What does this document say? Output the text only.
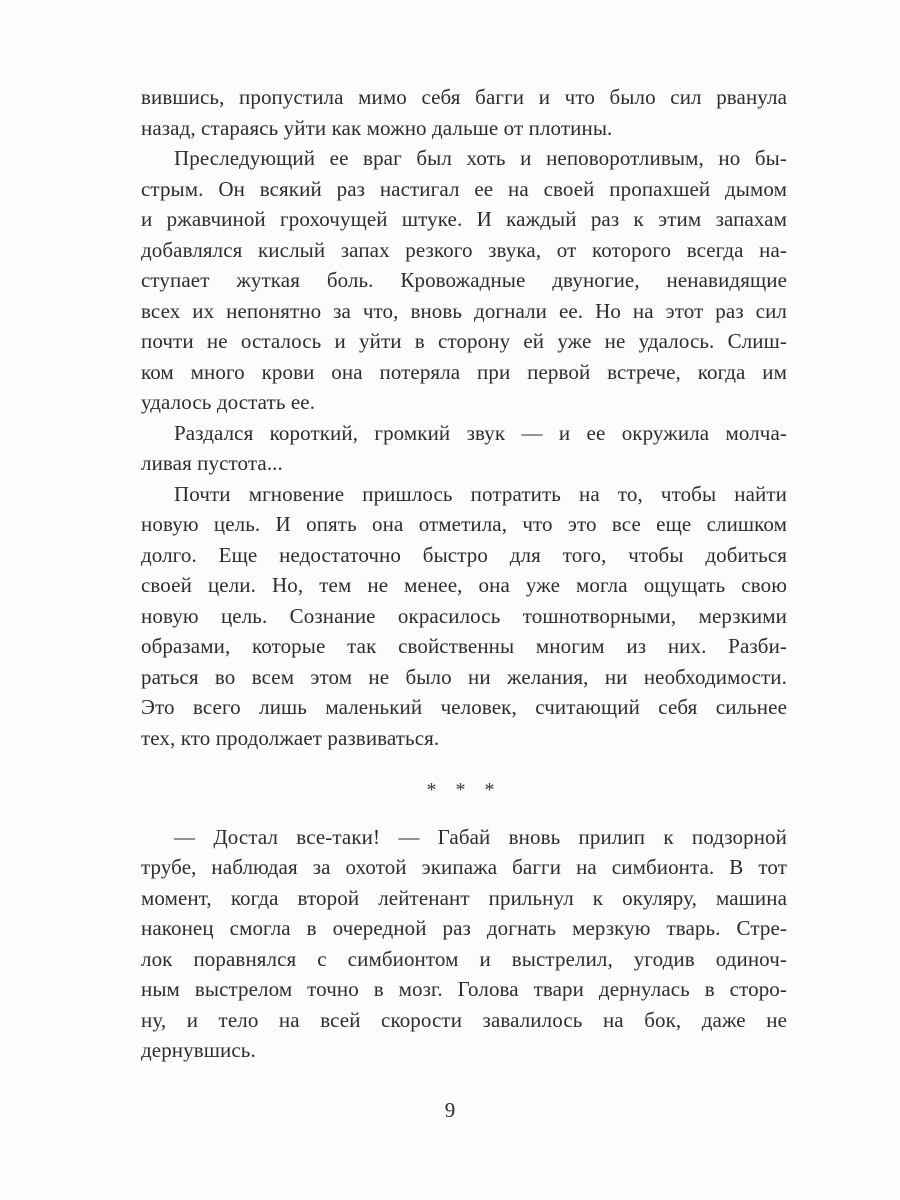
вившись, пропустила мимо себя багги и что было сил рванула
назад, стараясь уйти как можно дальше от плотины.
Преследующий ее враг был хоть и неповоротливым, но бы-
стрым. Он всякий раз настигал ее на своей пропахшей дымом
и ржавчиной грохочущей штуке. И каждый раз к этим запахам
добавлялся кислый запах резкого звука, от которого всегда на-
ступает жуткая боль. Кровожадные двуногие, ненавидящие
всех их непонятно за что, вновь догнали ее. Но на этот раз сил
почти не осталось и уйти в сторону ей уже не удалось. Слиш-
ком много крови она потеряла при первой встрече, когда им
удалось достать ее.
Раздался короткий, громкий звук — и ее окружила молча-
ливая пустота...
Почти мгновение пришлось потратить на то, чтобы найти
новую цель. И опять она отметила, что это все еще слишком
долго. Еще недостаточно быстро для того, чтобы добиться
своей цели. Но, тем не менее, она уже могла ощущать свою
новую цель. Сознание окрасилось тошнотворными, мерзкими
образами, которые так свойственны многим из них. Разби-
раться во всем этом не было ни желания, ни необходимости.
Это всего лишь маленький человек, считающий себя сильнее
тех, кто продолжает развиваться.
* * *
— Достал все-таки! — Габай вновь прилип к подзорной
трубе, наблюдая за охотой экипажа багги на симбионта. В тот
момент, когда второй лейтенант прильнул к окуляру, машина
наконец смогла в очередной раз догнать мерзкую тварь. Стре-
лок поравнялся с симбионтом и выстрелил, угодив одиноч-
ным выстрелом точно в мозг. Голова твари дернулась в сторо-
ну, и тело на всей скорости завалилось на бок, даже не
дернувшись.
9
